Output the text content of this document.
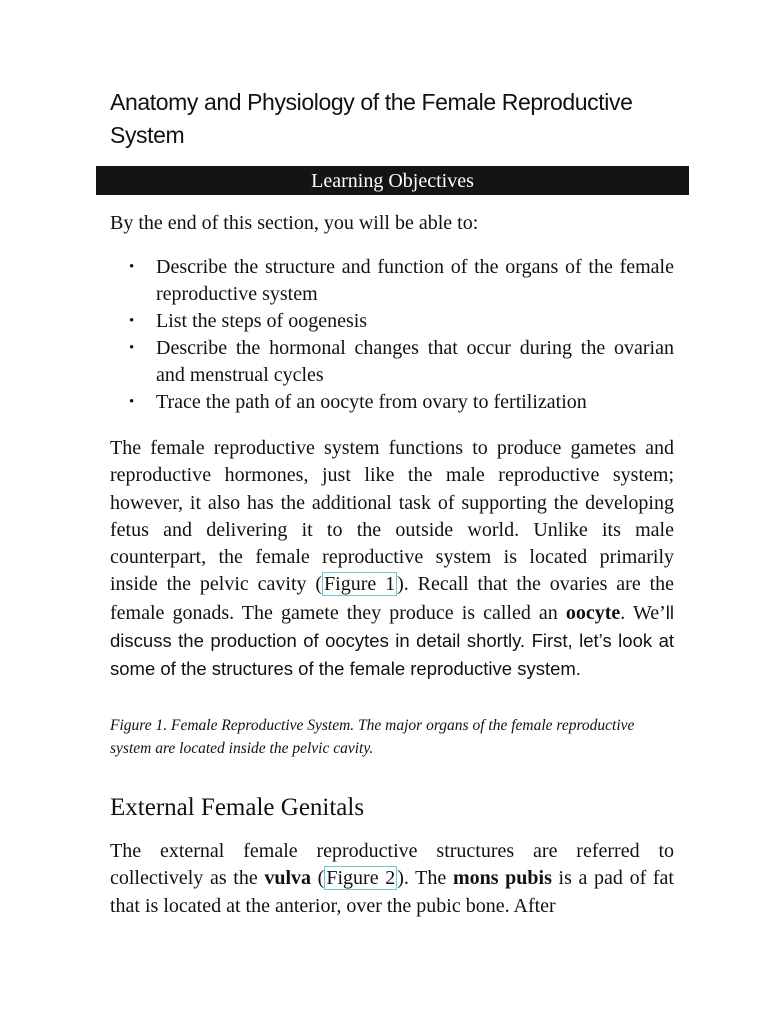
Anatomy and Physiology of the Female Reproductive System
Learning Objectives

By the end of this section, you will be able to:

• Describe the structure and function of the organs of the female reproductive system
• List the steps of oogenesis
• Describe the hormonal changes that occur during the ovarian and menstrual cycles
• Trace the path of an oocyte from ovary to fertilization

The female reproductive system functions to produce gametes and reproductive hormones, just like the male reproductive system; however, it also has the additional task of supporting the developing fetus and delivering it to the outside world. Unlike its male counterpart, the female reproductive system is located primarily inside the pelvic cavity ( Figure 1 ). Recall that the ovaries are the female gonads. The gamete they produce is called an oocyte. We’ll discuss the production of oocytes in detail shortly. First, let’s look at some of the structures of the female reproductive system.

Figure 1. Female Reproductive System. The major organs of the female reproductive system are located inside the pelvic cavity.

External Female Genitals

The external female reproductive structures are referred to collectively as the vulva ( Figure 2 ). The mons pubis is a pad of fat that is located at the anterior, over the pubic bone. After
